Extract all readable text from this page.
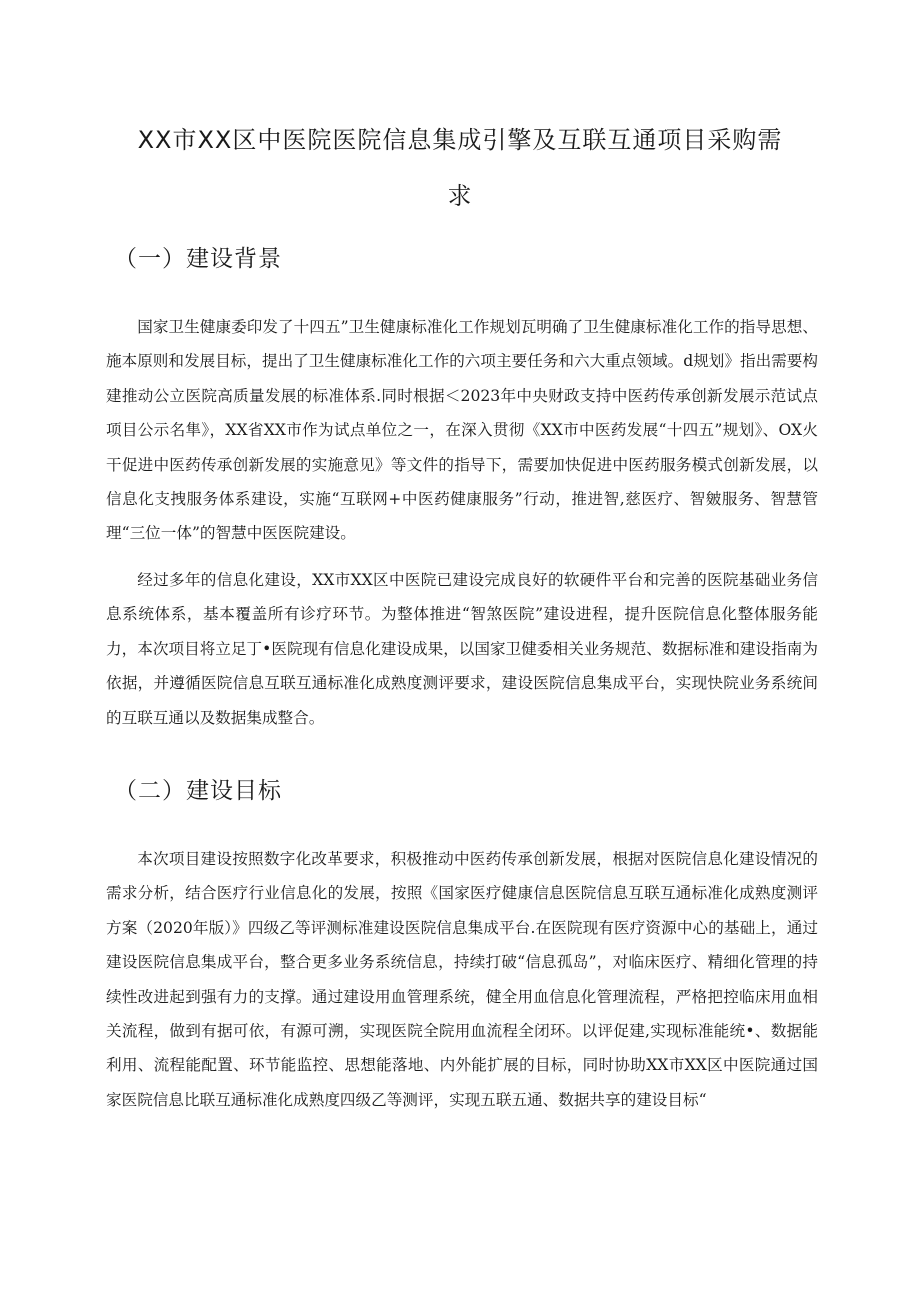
XX市XX区中医院医院信息集成引擎及互联互通项目采购需
求
（一）建设背景

国家卫生健康委印发了十四五”卫生健康标准化工作规划瓦明确了卫生健康标准化工作的指导思想、施本原则和发展目标，提出了卫生健康标准化工作的六项主要任务和六大重点领域。d规划》指出需要构建推动公立医院高质量发展的标准体系.同时根据＜2023年中央财政支持中医药传承创新发展示范试点项目公示名隼》，XX省XX市作为试点单位之一，在深入贯彻《XX市中医药发展“十四五”规划》、OX火干促进中医药传承创新发展的实施意见》等文件的指导下，需要加快促进中医药服务模式创新发展，以信息化支拽服务体系建设，实施“互联网+中医药健康服务”行动，推进智,慈医疗、智皴服务、智慧管理“三位一体”的智慧中医医院建设。

经过多年的信息化建设，XX市XX区中医院已建设完成良好的软硬件平台和完善的医院基础业务信息系统体系，基本覆盖所有诊疗环节。为整体推进“智煞医院”建设进程，提升医院信息化整体服务能力，本次项目将立足丁•医院现有信息化建设成果，以国家卫健委相关业务规范、数据标准和建设指南为依据，并遵循医院信息互联互通标准化成熟度测评要求，建设医院信息集成平台，实现快院业务系统间的互联互通以及数据集成整合。

（二）建设目标

本次项目建设按照数字化改革要求，积极推动中医药传承创新发展，根据对医院信息化建设情况的需求分析，结合医疗行业信息化的发展，按照《国家医疗健康信息医院信息互联互通标准化成熟度测评方案（2020年版）》四级乙等评测标准建设医院信息集成平台.在医院现有医疗资源中心的基础上，通过建设医院信息集成平台，整合更多业务系统信息，持续打破“信息孤岛”，对临床医疗、精细化管理的持续性改进起到强有力的支撑。通过建设用血管理系统，健全用血信息化管理流程，严格把控临床用血相关流程，做到有据可依，有源可溯，实现医院全院用血流程全闭环。以评促建,实现标准能统•、数据能利用、流程能配置、环节能监控、思想能落地、内外能扩展的目标，同时协助XX市XX区中医院通过国家医院信息比联互通标准化成熟度四级乙等测评，实现五联五通、数据共享的建设目标“
